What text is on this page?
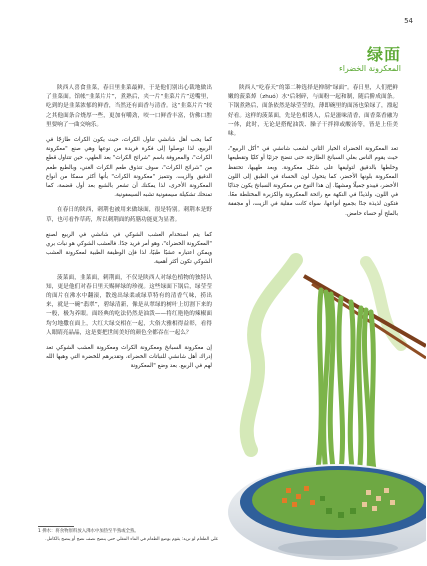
54
绿面
المعكرونة الخضراء

陕西人喜食韭菜，春日里韭菜最鲜，于是他们别出心裁地做出了韭菜面。馆帐“韭菜片片”，煮熟后，夹一片“韭菜片片”送嘴里，吃到的是韭菜浓郁的鲜香，当然还有面香与清香。这“韭菜片片”较之其他面条合烧厚一些，更加有嚼劲，咬一口鲜香丰富，仿佛口腔里要响了一曲交响乐。

كما يحب أهل شانشي تناول الكراث، حيث يكون الكراث طازجًا في الربيع، لذا توصلوا إلى فكرة فريدة من نوعها وهي صنع "معكرونة الكراث"، والمعروفة باسم "شرائح الكراث" بعد الطهي، حين تتناول قطع من "شرائح الكراث"، سوف تتذوق طعم الكراث الغني، وبالطبع طعم الدقيق والزيت. وتتميز "معكرونة الكراث" بأنها أكثر سمكا من أنواع المعكرونة الأخرى، لذا يمكنك أن تشعر بالشبع بعد أول قضمة، كما تمنحك تشكيلة سيمفونية تشبه السيمفونية.

在春日的陕西，刺荆也被用来做绿面，很是特别。刺荆本是野草，也可看作草药，所以刺荆面的药膳功能更为显著。

كما يتم استخدام العشب الشوكي في شانشي في الربيع لصنع "المعكرونة الخضراء"، وهو أمر فريد جدًا. فالعشب الشوكي هو نبات بري ويمكن اعتباره عشبًا طبيًا، لذا فإن الوظيفة الطبية لمعكرونة العشب الشوكي تكون أكثر أهمية.

菠菜面，韭菜面，刺荆面，不仅是陕西人对绿色植物的独特认知，更是他们对春日里天赐鲜绿的珍视。这些绿面下锅后，绿莹莹的面片在沸水中翻滚，散逸出绿柔或绿草特有的清香气味，捞出来，就是一碗“翡翠”，碧绿清新，像是从翠绿的树叶上切割下来的一般，极为养眼。面经典的吃法仍然是油泼——将红艳艳的辣椒面均匀地撒在面上，大红大绿交相在一起，大俗大雅相得益彰，看得人眼睛亮晶晶，这是要把世间美好的颜色全都吞在一起么？

إن معكرونة السبانخ ومعكرونة الكراث ومعكرونة العشب الشوكي تعد إدراك أهل شانشي للنباتات الخضراء، وتقديرهم للخضرة التي وهبها الله لهم في الربيع. بعد وضع "المعكرونة

陕西人“吃春天”的第二种选择是掸制“绿面”。春日里，人们把鲜嫩的菠菜焯（zhuó）水¹后剁碎，与面粉一起和制，随后擀成面条。下锅煮熟后，面条依然是绿莹莹的，薄即碗里的面汤也染绿了，漂起好看。这样的菠菜面，先是色相诱人，后是滋味清香，面香菜香融为一体，此时，无论是搭配油泼、臊子干拌抑或酸汤等，皆是上佳美味。

تعد المعكرونة الخضراء الخيار الثاني لشعب شانشي في "أكل الربيع"، حيث يقوم الناس بغلي السبانخ الطازجة حتى تنضج جزئيًا أو كليًا وتقطيعها وخلطها بالدقيق لتوليفها على شكل معكرونة. وبعد طهيها، تحتفظ المعكرونة بلونها الأخضر، كما يتحول لون الحساء في الطبق إلى اللون الأخضر، فيبدو جميلًا ومشهيًا. إن هذا النوع من معكرونة السبانخ يكون جذابًا في اللون، ولذيذًا في النكهة مع رائحة المعكرونة والكزبرة المختلطة معًا. فتكون لذيذة جدًا بجميع أنواعها، سواء كانت مقلية في الزيت، أو مجففة بالملح أو حساء حامض.

1 掸水：将食物原料放入沸水中加热至半熟或全熟。
غلي الطعام لو تريد: يقوم بوضع الطعام في الماء المغلي حتى ينضج نصف نضج أو ينضج بالكامل.
